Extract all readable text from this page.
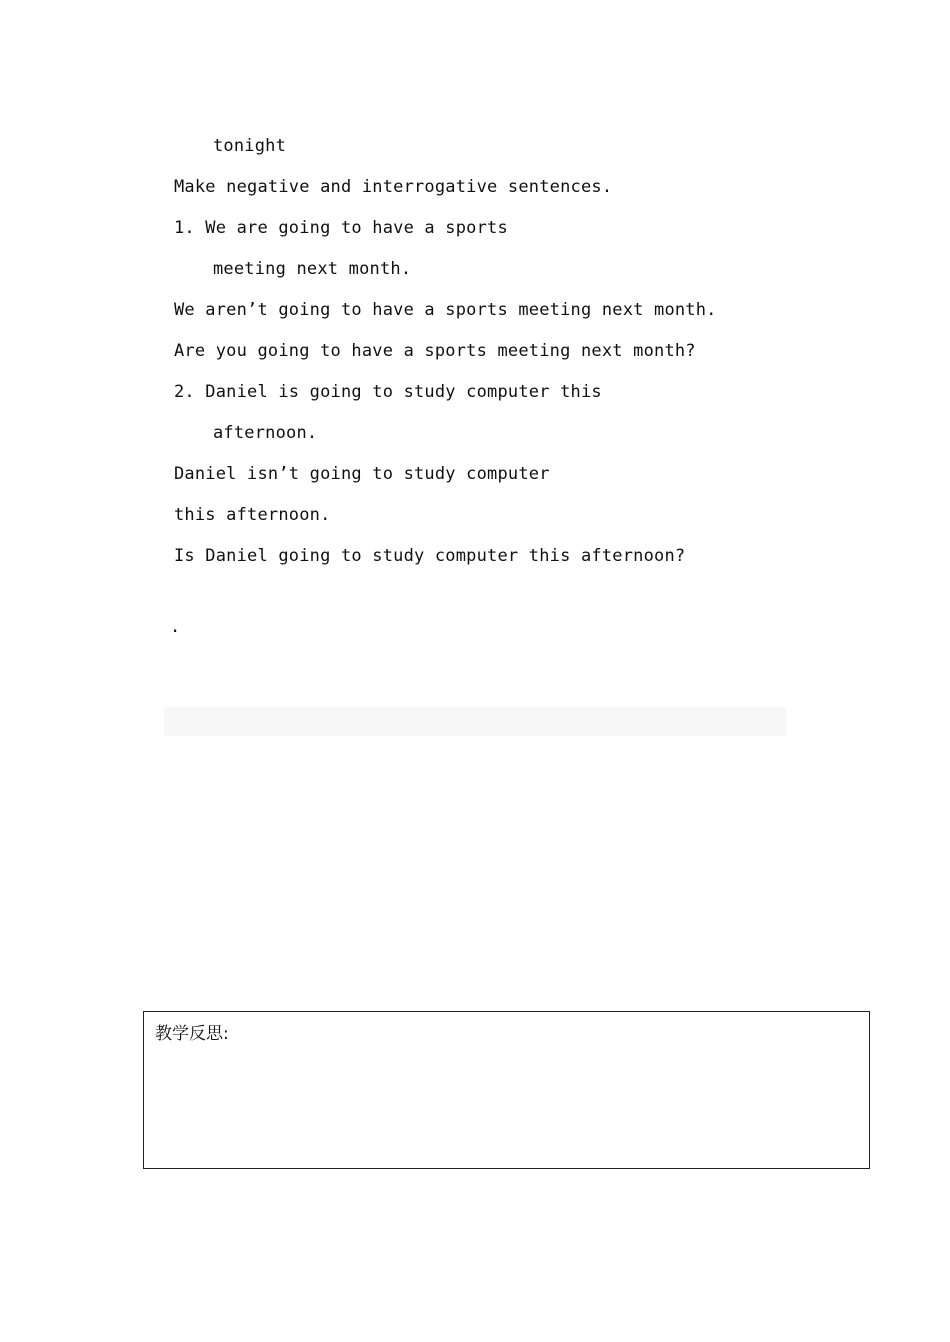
tonight
Make negative and interrogative sentences.
1. We are going to have a sports
meeting next month.
We aren’t going to have a sports meeting next month.
Are you going to have a sports meeting next month?
2. Daniel is going to study computer this
afternoon.
Daniel isn’t going to study computer
this afternoon.
Is Daniel going to study computer this afternoon?
.
教学反思:
